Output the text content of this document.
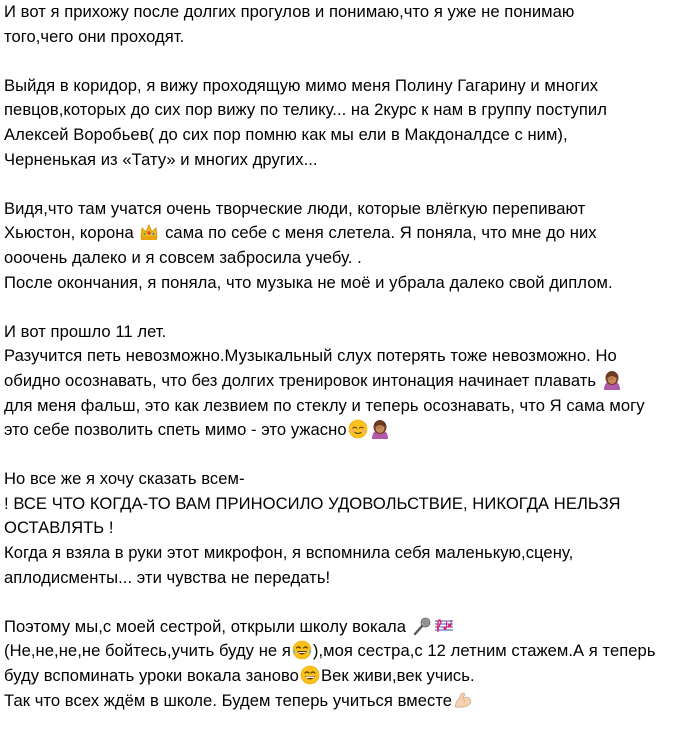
И вот я прихожу после долгих прогулов и понимаю,что я уже не понимаю
того,чего они проходят.
Выйдя в коридор, я вижу проходящую мимо меня Полину Гагарину и многих
певцов,которых до сих пор вижу по телику... на 2курс к нам в группу поступил
Алексей Воробьев( до сих пор помню как мы ели в Макдоналдсе с ним),
Черненькая из «Тату» и многих других...
Видя,что там учатся очень творческие люди, которые влёгкую перепивают
Хьюстон, корона
сама по себе с меня слетела. Я поняла, что мне до них
ооочень далеко и я совсем забросила учебу. .
После окончания, я поняла, что музыка не моё и убрала далеко свой диплом.
И вот прошло 11 лет.
Разучится петь невозможно.Музыкальный слух потерять тоже невозможно. Но
обидно осознавать, что без долгих тренировок интонация начинает плавать
для меня фальш, это как лезвием по стеклу и теперь осознавать, что Я сама могу
это себе позволить спеть мимо - это ужасно
Но все же я хочу сказать всем-
! ВСЕ ЧТО КОГДА-ТО ВАМ ПРИНОСИЛО УДОВОЛЬСТВИЕ, НИКОГДА НЕЛЬЗЯ
ОСТАВЛЯТЬ !
Когда я взяла в руки этот микрофон, я вспомнила себя маленькую,сцену,
аплодисменты... эти чувства не передать!
Поэтому мы,с моей сестрой, открыли школу вокала
(Не,не,не,не бойтесь,учить буду не я ),моя сестра,с 12 летним стажем.А я теперь
буду вспоминать уроки вокала заново Век живи,век учись.
Так что всех ждём в школе. Будем теперь учиться вместе
